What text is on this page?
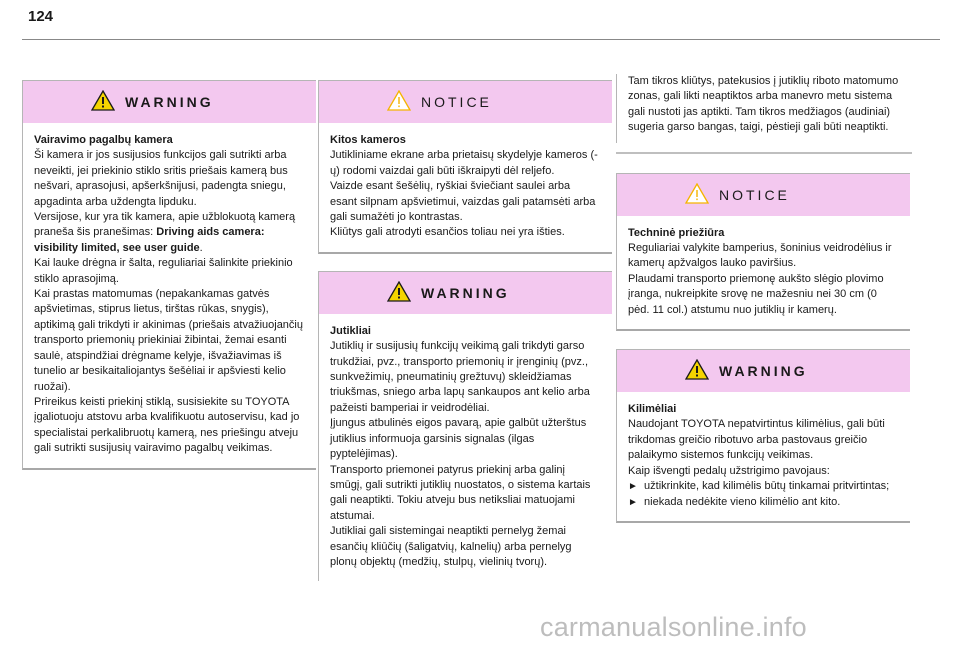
124
WARNING
Vairavimo pagalbų kamera
Ši kamera ir jos susijusios funkcijos gali sutrikti arba neveikti, jei priekinio stiklo sritis priešais kamerą bus nešvari, aprasojusi, apšerkšnijusi, padengta sniegu, apgadinta arba uždengta lipduku.
Versijose, kur yra tik kamera, apie užblokuotą kamerą praneša šis pranešimas: Driving aids camera: visibility limited, see user guide.
Kai lauke drėgna ir šalta, reguliariai šalinkite priekinio stiklo aprasojimą.
Kai prastas matomumas (nepakankamas gatvės apšvietimas, stiprus lietus, tirštas rūkas, snygis), aptikimą gali trikdyti ir akinimas (priešais atvažiuojančių transporto priemonių priekiniai žibintai, žemai esanti saulė, atspindžiai drėgname kelyje, išvažiavimas iš tunelio ar besikaitaliojantys šešėliai ir apšviesti kelio ruožai).
Prireikus keisti priekinį stiklą, susisiekite su TOYOTA įgaliotuoju atstovu arba kvalifikuotu autoservisu, kad jo specialistai perkalibruotų kamerą, nes priešingu atveju gali sutrikti susijusių vairavimo pagalbų veikimas.
NOTICE
Kitos kameros
Jutikliniame ekrane arba prietaisų skydelyje kameros (-ų) rodomi vaizdai gali būti iškraipyti dėl reljefo.
Vaizde esant šešėlių, ryškiai šviečiant saulei arba esant silpnam apšvietimui, vaizdas gali patamsėti arba gali sumažėti jo kontrastas.
Kliūtys gali atrodyti esančios toliau nei yra išties.
WARNING
Jutikliai
Jutiklių ir susijusių funkcijų veikimą gali trikdyti garso trukdžiai, pvz., transporto priemonių ir įrenginių (pvz., sunkvežimių, pneumatinių grežtuvų) skleidžiamas triukšmas, sniego arba lapų sankaupos ant kelio arba pažeisti bamperiai ir veidrodėliai.
Įjungus atbulinės eigos pavarą, apie galbūt užterštus jutiklius informuoja garsinis signalas (ilgas pyptelėjimas).
Transporto priemonei patyrus priekinį arba galinį smūgį, gali sutrikti jutiklių nuostatos, o sistema kartais gali neaptikti. Tokiu atveju bus netiksliai matuojami atstumai.
Jutikliai gali sistemingai neaptikti pernelyg žemai esančių kliūčių (šaligatvių, kalnelių) arba pernelyg plonų objektų (medžių, stulpų, vielinių tvorų).
Tam tikros kliūtys, patekusios į jutiklių riboto matomumo zonas, gali likti neaptiktos arba manevro metu sistema gali nustoti jas aptikti. Tam tikros medžiagos (audiniai) sugeria garso bangas, taigi, pėstieji gali būti neaptikti.
NOTICE
Techninė priežiūra
Reguliariai valykite bamperius, šoninius veidrodėlius ir kamerų apžvalgos lauko paviršius.
Plaudami transporto priemonę aukšto slėgio plovimo įranga, nukreipkite srovę ne mažesniu nei 30 cm (0 pėd. 11 col.) atstumu nuo jutiklių ir kamerų.
WARNING
Kilimėliai
Naudojant TOYOTA nepatvirtintus kilimėlius, gali būti trikdomas greičio ribotuvo arba pastovaus greičio palaikymo sistemos funkcijų veikimas.
Kaip išvengti pedalų užstrigimo pavojaus:
► užtikrinkite, kad kilimėlis būtų tinkamai pritvirtintas;
► niekada nedėkite vieno kilimėlio ant kito.
carmanualsonline.info
